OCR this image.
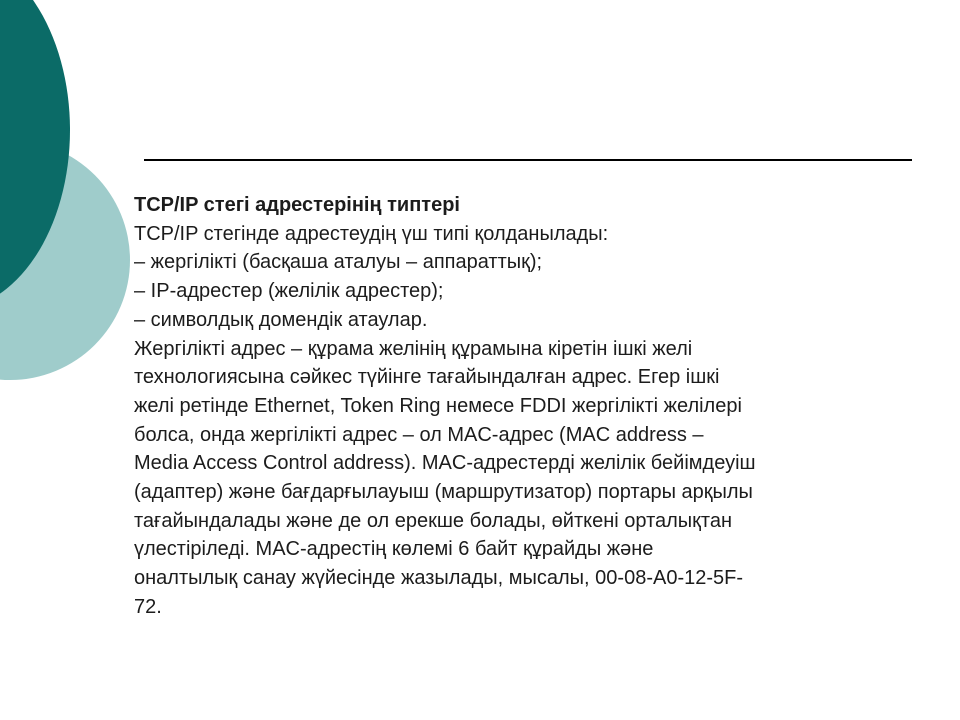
TCP/IP стегі адрестерінің типтері

TCP/IP стегінде адрестеудің үш типі қолданылады:

– жергілікті (басқаша аталуы – аппараттық);

– IP-адрестер (желілік адрестер);

– символдық домендік атаулар.

Жергілікті адрес – құрама желінің құрамына кіретін ішкі желі

технологиясына сәйкес түйінге тағайындалған адрес. Егер ішкі

желі ретінде Ethernet, Token Ring немесе FDDI жергілікті желілері

болса, онда жергілікті адрес – ол MAC-адрес (MAC address –

Media Access Control address). MAC-адрестерді желілік бейімдеуіш

(адаптер) және бағдарғылауыш (маршрутизатор) портары арқылы

тағайындалады және де ол ерекше болады, өйткені орталықтан

үлестіріледі. MAC-адрестің көлемі 6 байт құрайды және

оналтылық санау жүйесінде жазылады, мысалы, 00-08-A0-12-5F-

72.
